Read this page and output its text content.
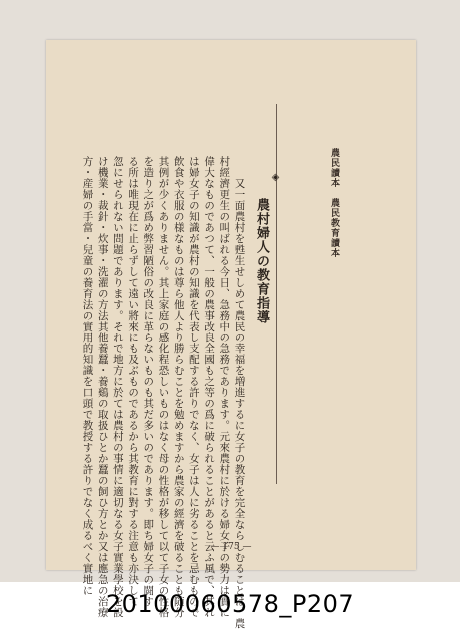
農民讀本　農民教育讀本
◈
農村婦人の教育指導
又一面農村を甦生せしめて農民の幸福を増進するに女子の教育を完全ならしむることは、農
村經濟更生の叫ばれる今日、急務中の急務であります。元來農村に於ける婦女子の勢力は實に
偉大なものであつて、一般の農事改良全國も之等の爲に破られることがあると云ふ風で、其れ
は婦女子の知識が農村の知識を代表し支配する許りでなく、女子は人に劣ることを忌むもので
飲食や衣服の様なものは尊ら他人より勝らむことを勉めますから農家の經濟を破ることも随分
其例が少くありません。其上家庭の感化程恐しいものはなく母の性格が移して以て子女の性格
を造り之が爲め弊習陋俗の改良に革らないものも其だ多いのであります。即ち婦女子の闘す
る所は唯現在に止らずして遠い將來にも及ぶものであるから其教育に對する注意も亦決して
忽にせられない問題であります。それで地方に於ては農村の事情に適切なる女子實業學校を設
け機業・裁針・炊事・洗濯の方法其他養蠶・養鷄の取扱ひとか蠶の飼ひ方とか又は應急の治療
方・産婦の手當・兒童の養育法の實用的知識を口頭で教授する許りでなく成るべく實地に	— 175 —
20100060578_P207
